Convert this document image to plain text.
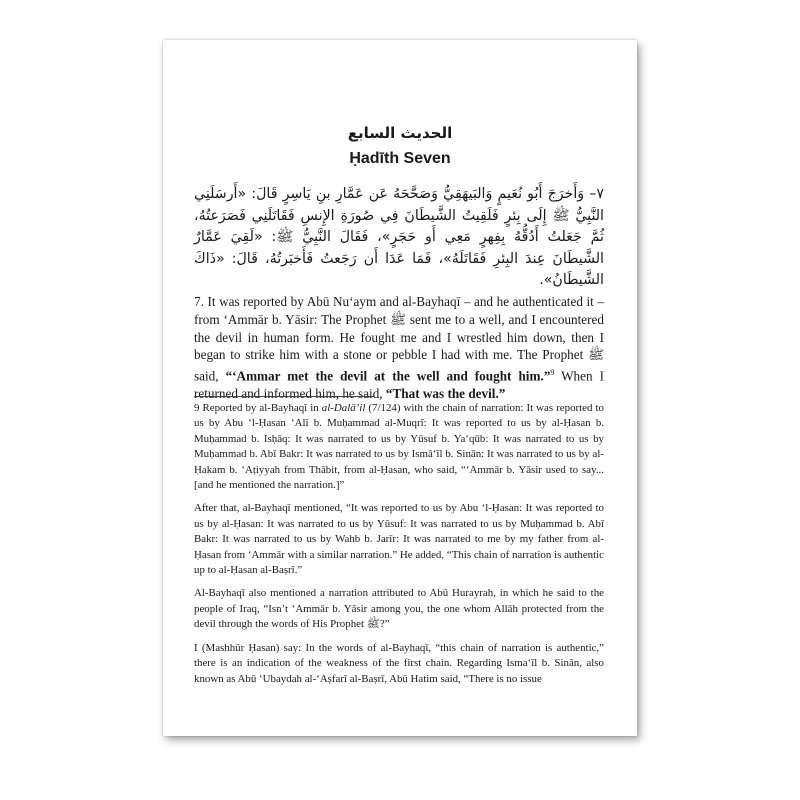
الحديث السابع
Ḥadīth Seven

٧– وَأَخرَجَ أَبُو نُعَيمٍ وَالبَيهَقِيُّ وَصَحَّحَهُ عَن عَمَّارِ بنِ يَاسِرٍ قَالَ: «أَرسَلَنِي النَّبِيُّ ﷺ إِلَى بِئرٍ فَلَقِيتُ الشَّيطَانَ فِي صُورَةِ الإِنسِ فَقَاتَلَنِي فَصَرَعتُهُ، ثُمَّ جَعَلتُ أَدُقُّهُ بِفِهرٍ مَعِي أَو حَجَرٍ»، فَقَالَ النَّبِيُّ ﷺ: «لَقِيَ عَمَّارٌ الشَّيطَانَ عِندَ البِئرِ فَقَاتَلَهُ»، فَمَا عَدَا أَن رَجَعتُ فَأَخبَرتُهُ، قَالَ: «ذَاكَ الشَّيطَانُ».

7. It was reported by Abū Nu‘aym and al-Bayhaqī – and he authenticated it – from ‘Ammār b. Yāsir: The Prophet ﷺ sent me to a well, and I encountered the devil in human form. He fought me and I wrestled him down, then I began to strike him with a stone or pebble I had with me. The Prophet ﷺ said, “‘Ammar met the devil at the well and fought him.”$^9$ When I returned and informed him, he said, “That was the devil.”

9 Reported by al-Bayhaqī in al-Dalā’il (7/124) with the chain of narration: It was reported to us by Abu ‘l-Ḥasan ‘Alī b. Muḥammad al-Muqrī: It was reported to us by al-Ḥasan b. Muḥammad b. Isḥāq: It was narrated to us by Yūsuf b. Ya‘qūb: It was narrated to us by Muḥammad b. Abī Bakr: It was narrated to us by Ismā‘īl b. Sinān: It was narrated to us by al-Ḥakam b. ‘Aṭiyyah from Thābit, from al-Ḥasan, who said, “‘Ammār b. Yāsir used to say... [and he mentioned the narration.]”

After that, al-Bayhaqī mentioned, “It was reported to us by Abu ‘l-Ḥasan: It was reported to us by al-Ḥasan: It was narrated to us by Yūsuf: It was narrated to us by Muḥammad b. Abī Bakr: It was narrated to us by Wahb b. Jarīr: It was narrated to me by my father from al-Ḥasan from ‘Ammār with a similar narration.” He added, “This chain of narration is authentic up to al-Ḥasan al-Baṣrī.”

Al-Bayhaqī also mentioned a narration attributed to Abū Hurayrah, in which he said to the people of Iraq, “Isn’t ‘Ammār b. Yāsir among you, the one whom Allāh protected from the devil through the words of His Prophet ﷺ?”

I (Mashhūr Ḥasan) say: In the words of al-Bayhaqī, “this chain of narration is authentic,” there is an indication of the weakness of the first chain. Regarding Isma‘īl b. Sinān, also known as Abū ‘Ubaydah al-‘Aṣfarī al-Baṣrī, Abū Hatim said, “There is no issue
